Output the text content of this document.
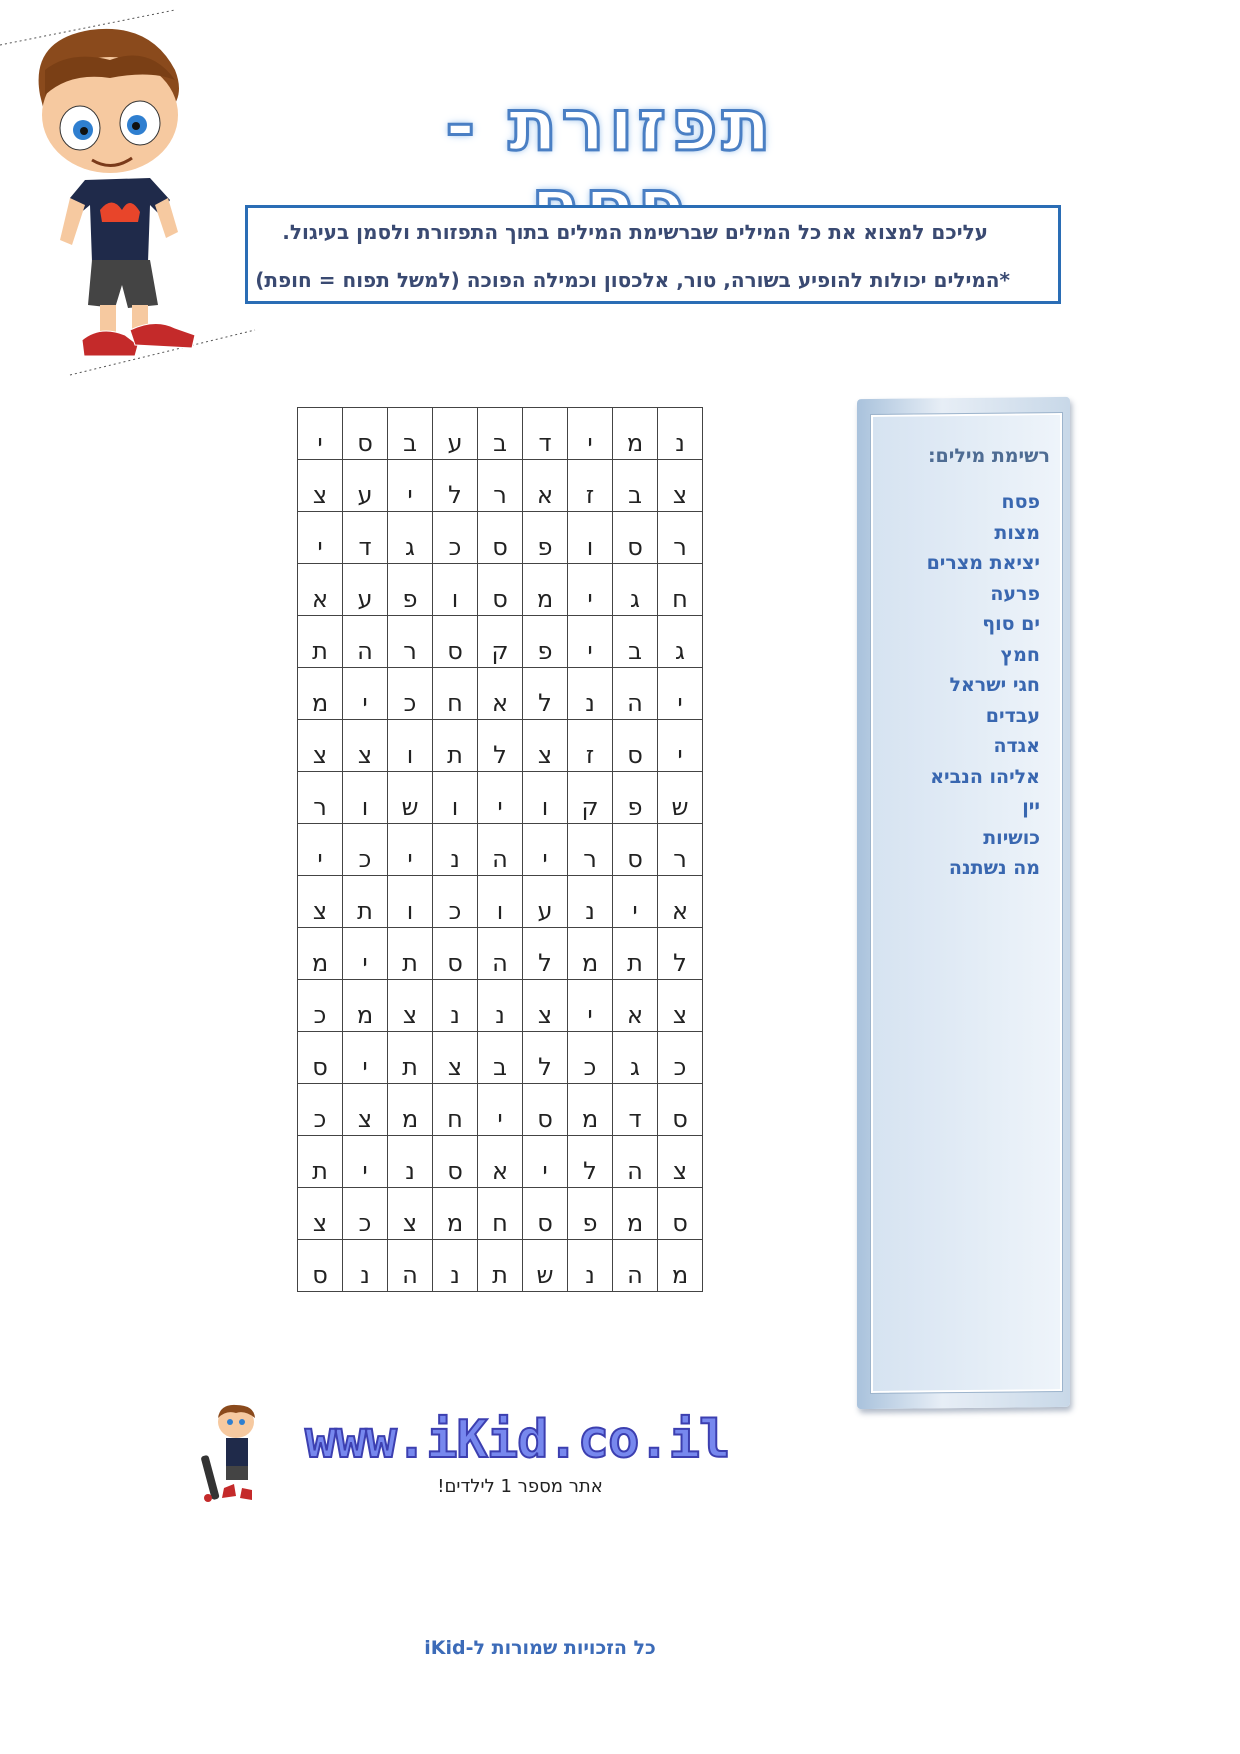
תפזורת -
עליכם למצוא את כל המילים שברשימת המילים בתוך התפזורת ולסמן בעיגול.
*המילים יכולות להופיע בשורה, טור, אלכסון וכמילה הפוכה (למשל תפוח = חופת)
נ	מ	י	ד	ב	ע	ב	ס	י
צ	ב	ז	א	ר	ל	י	ע	צ
ר	ס	ו	פ	ס	כ	ג	ד	י
ח	ג	י	מ	ס	ו	פ	ע	א
ג	ב	י	פ	ק	ס	ר	ה	ת
י	ה	נ	ל	א	ח	כ	י	מ
י	ס	ז	צ	ל	ת	ו	צ	צ
ש	פ	ק	ו	י	ו	ש	ו	ר
ר	ס	ר	י	ה	נ	י	כ	י
א	י	נ	ע	ו	כ	ו	ת	צ
ל	ת	מ	ל	ה	ס	ת	י	מ
צ	א	י	צ	נ	נ	צ	מ	כ
כ	ג	כ	ל	ב	צ	ת	י	ס
ס	ד	מ	ס	י	ח	מ	צ	כ
צ	ה	ל	י	א	ס	נ	י	ת
ס	מ	פ	ס	ח	מ	צ	כ	צ
מ	ה	נ	ש	ת	נ	ה	נ	ס
רשימת מילים:
פסח
מצות
יציאת מצרים
פרעה
ים סוף
חמץ
חגי ישראל
עבדים
אגדה
אליהו הנביא
יין
כושיות
מה נשתנה
www.iKid.co.il
אתר מספר 1 לילדים!
כל הזכויות שמורות ל-iKid
